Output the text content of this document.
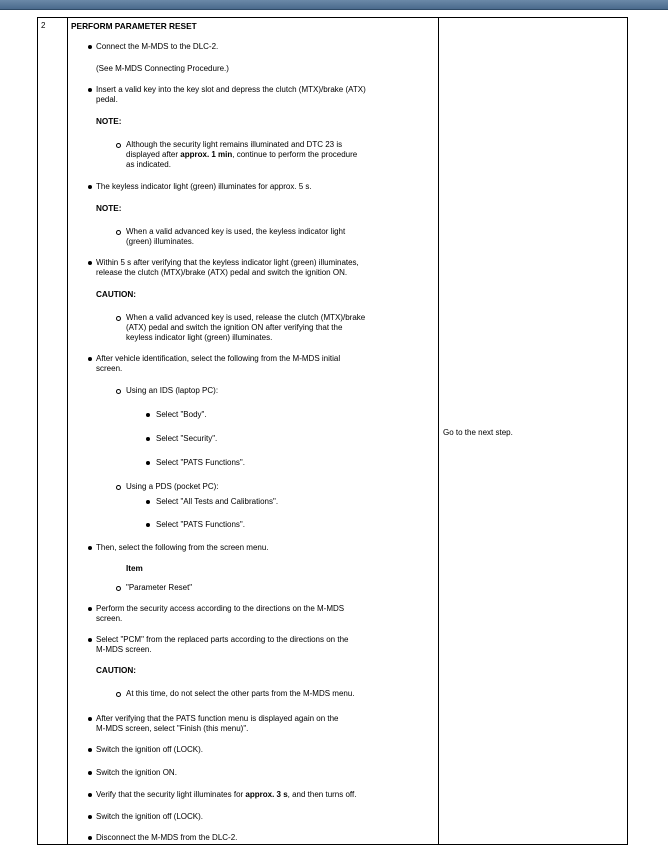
2	PERFORM PARAMETER RESET
Go to the next step.
Connect the M-MDS to the DLC-2.
(See M-MDS Connecting Procedure.)
Insert a valid key into the key slot and depress the clutch (MTX)/brake (ATX)
pedal.
NOTE:
Although the security light remains illuminated and DTC 23 is
displayed after approx. 1 min, continue to perform the procedure
as indicated.
The keyless indicator light (green) illuminates for approx. 5 s.
NOTE:
When a valid advanced key is used, the keyless indicator light
(green) illuminates.
Within 5 s after verifying that the keyless indicator light (green) illuminates,
release the clutch (MTX)/brake (ATX) pedal and switch the ignition ON.
CAUTION:
When a valid advanced key is used, release the clutch (MTX)/brake
(ATX) pedal and switch the ignition ON after verifying that the
keyless indicator light (green) illuminates.
After vehicle identification, select the following from the M-MDS initial
screen.
Using an IDS (laptop PC):
Select "Body".
Select "Security".
Select "PATS Functions".
Using a PDS (pocket PC):
Select "All Tests and Calibrations".
Select "PATS Functions".
Then, select the following from the screen menu.
Item
"Parameter Reset"
Perform the security access according to the directions on the M-MDS
screen.
Select "PCM" from the replaced parts according to the directions on the
M-MDS screen.
CAUTION:
At this time, do not select the other parts from the M-MDS menu.
After verifying that the PATS function menu is displayed again on the
M-MDS screen, select "Finish (this menu)".
Switch the ignition off (LOCK).
Switch the ignition ON.
Verify that the security light illuminates for approx. 3 s, and then turns off.
Switch the ignition off (LOCK).
Disconnect the M-MDS from the DLC-2.
